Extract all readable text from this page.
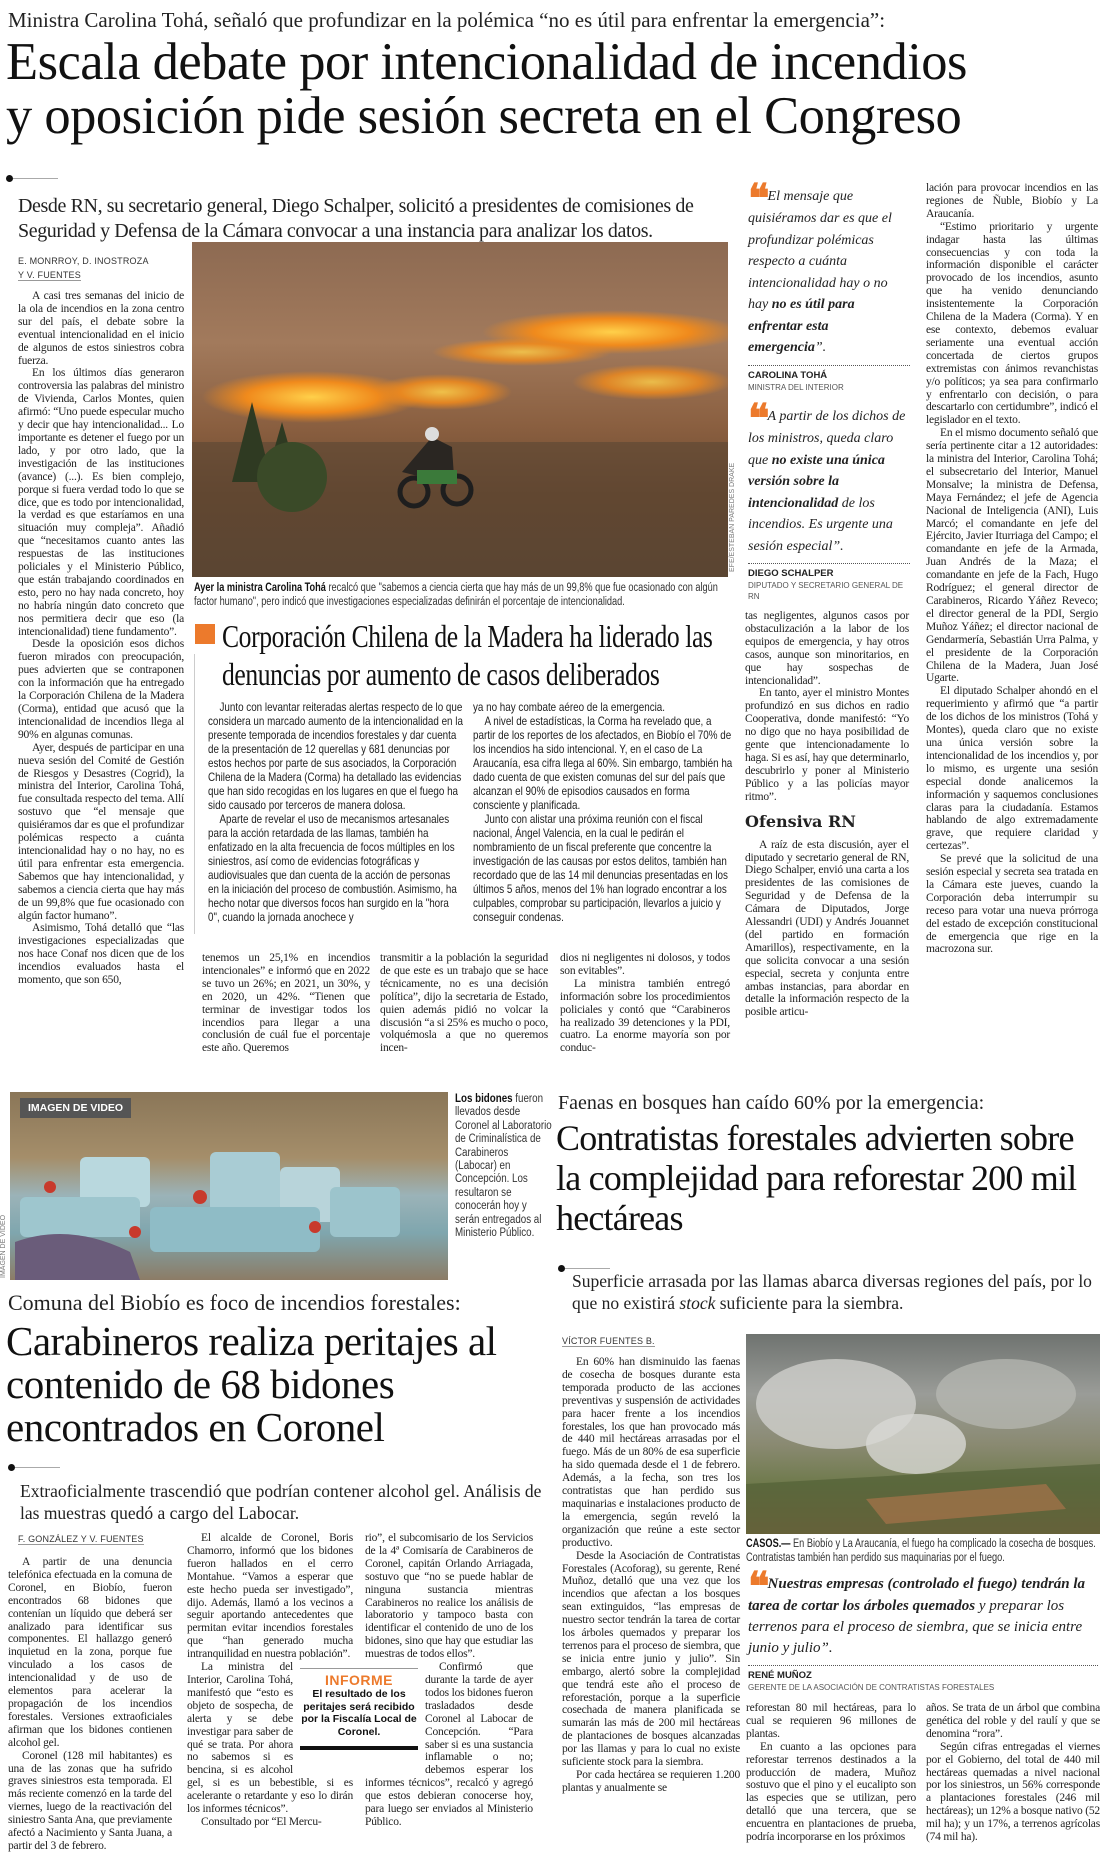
Ministra Carolina Tohá, señaló que profundizar en la polémica “no es útil para enfrentar la emergencia”:
Escala debate por intencionalidad de incendios
y oposición pide sesión secreta en el Congreso
Desde RN, su secretario general, Diego Schalper, solicitó a presidentes de comisiones de Seguridad y Defensa de la Cámara convocar a una instancia para analizar los datos.
E. MONRROY, D. INOSTROZA
Y V. FUENTES

A casi tres semanas del inicio de la ola de incendios en la zona centro sur del país, el debate sobre la eventual intencionalidad en el inicio de algunos de estos siniestros cobra fuerza.

En los últimos días generaron controversia las palabras del ministro de Vivienda, Carlos Montes, quien afirmó: “Uno puede especular mucho y decir que hay intencionalidad... Lo importante es detener el fuego por un lado, y por otro lado, que la investigación de las instituciones (avance) (...). Es bien complejo, porque si fuera verdad todo lo que se dice, que es todo por intencionalidad, la verdad es que estaríamos en una situación muy compleja”. Añadió que “necesitamos cuanto antes las respuestas de las instituciones policiales y el Ministerio Público, que están trabajando coordinados en esto, pero no hay nada concreto, hoy no habría ningún dato concreto que nos permitiera decir que eso (la intencionalidad) tiene fundamento”.

Desde la oposición esos dichos fueron mirados con preocupación, pues advierten que se contraponen con la información que ha entregado la Corporación Chilena de la Madera (Corma), entidad que acusó que la intencionalidad de incendios llega al 90% en algunas comunas.

Ayer, después de participar en una nueva sesión del Comité de Gestión de Riesgos y Desastres (Cogrid), la ministra del Interior, Carolina Tohá, fue consultada respecto del tema. Allí sostuvo que “el mensaje que quisiéramos dar es que el profundizar polémicas respecto a cuánta intencionalidad hay o no hay, no es útil para enfrentar esta emergencia. Sabemos que hay intencionalidad, y sabemos a ciencia cierta que hay más de un 99,8% que fue ocasionado con algún factor humano”.

Asimismo, Tohá detalló que “las investigaciones especializadas que nos hace Conaf nos dicen que de los incendios evaluados hasta el momento, que son 650,

EFE/ESTEBAN PAREDES DRAKE
Ayer la ministra Carolina Tohá recalcó que "sabemos a ciencia cierta que hay más de un 99,8% que fue ocasionado con algún factor humano", pero indicó que investigaciones especializadas definirán el porcentaje de intencionalidad.
Corporación Chilena de la Madera ha liderado las denuncias por aumento de casos deliberados

Junto con levantar reiteradas alertas respecto de lo que considera un marcado aumento de la intencionalidad en la presente temporada de incendios forestales y dar cuenta de la presentación de 12 querellas y 681 denuncias por estos hechos por parte de sus asociados, la Corporación Chilena de la Madera (Corma) ha detallado las evidencias que han sido recogidas en los lugares en que el fuego ha sido causado por terceros de manera dolosa.

Aparte de revelar el uso de mecanismos artesanales para la acción retardada de las llamas, también ha enfatizado en la alta frecuencia de focos múltiples en los siniestros, así como de evidencias fotográficas y audiovisuales que dan cuenta de la acción de personas en la iniciación del proceso de combustión. Asimismo, ha hecho notar que diversos focos han surgido en la "hora 0", cuando la jornada anochece y

ya no hay combate aéreo de la emergencia.

A nivel de estadísticas, la Corma ha revelado que, a partir de los reportes de los afectados, en Biobío el 70% de los incendios ha sido intencional. Y, en el caso de La Araucanía, esa cifra llega al 60%. Sin embargo, también ha dado cuenta de que existen comunas del sur del país que alcanzan el 90% de episodios causados en forma consciente y planificada.

Junto con alistar una próxima reunión con el fiscal nacional, Ángel Valencia, en la cual le pedirán el nombramiento de un fiscal preferente que concentre la investigación de las causas por estos delitos, también han recordado que de las 14 mil denuncias presentadas en los últimos 5 años, menos del 1% han logrado encontrar a los culpables, comprobar su participación, llevarlos a juicio y conseguir condenas.

tenemos un 25,1% en incendios intencionales” e informó que en 2022 se tuvo un 26%; en 2021, un 30%, y en 2020, un 42%. “Tienen que terminar de investigar todos los incendios para llegar a una conclusión de cuál fue el porcentaje este año. Queremos

transmitir a la población la seguridad de que este es un trabajo que se hace técnicamente, no es una decisión política”, dijo la secretaria de Estado, quien además pidió no volcar la discusión “a si 25% es mucho o poco, volquémosla a que no queremos incen-

dios ni negligentes ni dolosos, y todos son evitables”.

La ministra también entregó información sobre los procedimientos policiales y contó que “Carabineros ha realizado 39 detenciones y la PDI, cuatro. La enorme mayoría son por conduc-

❝ El mensaje que quisiéramos dar es que el profundizar polémicas respecto a cuánta intencionalidad hay o no hay no es útil para enfrentar esta emergencia”.
CAROLINA TOHÁ
MINISTRA DEL INTERIOR
❝ A partir de los dichos de los ministros, queda claro que no existe una única versión sobre la intencionalidad de los incendios. Es urgente una sesión especial”.
DIEGO SCHALPER
DIPUTADO Y SECRETARIO GENERAL DE RN

tas negligentes, algunos casos por obstaculización a la labor de los equipos de emergencia, y hay otros casos, aunque son minoritarios, en que hay sospechas de intencionalidad”.

En tanto, ayer el ministro Montes profundizó en sus dichos en radio Cooperativa, donde manifestó: “Yo no digo que no haya posibilidad de gente que intencionadamente lo haga. Si es así, hay que determinarlo, descubrirlo y poner al Ministerio Público y a las policías mayor ritmo”.

Ofensiva RN

A raíz de esta discusión, ayer el diputado y secretario general de RN, Diego Schalper, envió una carta a los presidentes de las comisiones de Seguridad y de Defensa de la Cámara de Diputados, Jorge Alessandri (UDI) y Andrés Jouannet (del partido en formación Amarillos), respectivamente, en la que solicita convocar a una sesión especial, secreta y conjunta entre ambas instancias, para abordar en detalle la información respecto de la posible articu-

lación para provocar incendios en las regiones de Ñuble, Biobío y La Araucanía.

“Estimo prioritario y urgente indagar hasta las últimas consecuencias y con toda la información disponible el carácter provocado de los incendios, asunto que ha venido denunciando insistentemente la Corporación Chilena de la Madera (Corma). Y en ese contexto, debemos evaluar seriamente una eventual acción concertada de ciertos grupos extremistas con ánimos revanchistas y/o políticos; ya sea para confirmarlo y enfrentarlo con decisión, o para descartarlo con certidumbre”, indicó el legislador en el texto.

En el mismo documento señaló que sería pertinente citar a 12 autoridades: la ministra del Interior, Carolina Tohá; el subsecretario del Interior, Manuel Monsalve; la ministra de Defensa, Maya Fernández; el jefe de Agencia Nacional de Inteligencia (ANI), Luis Marcó; el comandante en jefe del Ejército, Javier Iturriaga del Campo; el comandante en jefe de la Armada, Juan Andrés de la Maza; el comandante en jefe de la Fach, Hugo Rodríguez; el general director de Carabineros, Ricardo Yáñez Reveco; el director general de la PDI, Sergio Muñoz Yáñez; el director nacional de Gendarmería, Sebastián Urra Palma, y el presidente de la Corporación Chilena de la Madera, Juan José Ugarte.

El diputado Schalper ahondó en el requerimiento y afirmó que “a partir de los dichos de los ministros (Tohá y Montes), queda claro que no existe una única versión sobre la intencionalidad de los incendios y, por lo mismo, es urgente una sesión especial donde analicemos la información y saquemos conclusiones claras para la ciudadanía. Estamos hablando de algo extremadamente grave, que requiere claridad y certezas”.

Se prevé que la solicitud de una sesión especial y secreta sea tratada en la Cámara este jueves, cuando la Corporación deba interrumpir su receso para votar una nueva prórroga del estado de excepción constitucional de emergencia que rige en la macrozona sur.

IMAGEN DE VIDEO
IMAGEN DE VIDEO
Los bidones fueron llevados desde Coronel al Laboratorio de Criminalística de Carabineros (Labocar) en Concepción. Los resultaron se conocerán hoy y serán entregados al Ministerio Público.
Comuna del Biobío es foco de incendios forestales:
Carabineros realiza peritajes al contenido de 68 bidones encontrados en Coronel
Extraoficialmente trascendió que podrían contener alcohol gel. Análisis de las muestras quedó a cargo del Labocar.
F. GONZÁLEZ Y V. FUENTES

A partir de una denuncia telefónica efectuada en la comuna de Coronel, en Biobío, fueron encontrados 68 bidones que contenían un líquido que deberá ser analizado para identificar sus componentes. El hallazgo generó inquietud en la zona, porque fue vinculado a los casos de intencionalidad y de uso de elementos para acelerar la propagación de los incendios forestales. Versiones extraoficiales afirman que los bidones contienen alcohol gel.

Coronel (128 mil habitantes) es una de las zonas que ha sufrido graves siniestros esta temporada. El más reciente comenzó en la tarde del viernes, luego de la reactivación del siniestro Santa Ana, que previamente afectó a Nacimiento y Santa Juana, a partir del 3 de febrero.

El alcalde de Coronel, Boris Chamorro, informó que los bidones fueron hallados en el cerro Montahue. “Vamos a esperar que este hecho pueda ser investigado”, dijo. Además, llamó a los vecinos a seguir aportando antecedentes que permitan evitar incendios forestales que “han generado mucha intranquilidad en nuestra población”.

La ministra del Interior, Carolina Tohá, manifestó que “esto es objeto de sospecha, de alerta y se debe investigar para saber de qué se trata. Por ahora no sabemos si es bencina, si es alcohol gel, si es un bebestible, si es acelerante o retardante y eso lo dirán los informes técnicos”.

Consultado por “El Mercu-

rio”, el subcomisario de los Servicios de la 4ª Comisaría de Carabineros de Coronel, capitán Orlando Arriagada, sostuvo que “no se puede hablar de ninguna sustancia mientras Carabineros no realice los análisis de laboratorio y tampoco basta con identificar el contenido de uno de los bidones, sino que hay que estudiar las muestras de todos ellos”.

Confirmó que durante la tarde de ayer todos los bidones fueron trasladados desde Coronel al Labocar de Concepción. “Para saber si es una sustancia inflamable o no; debemos esperar los informes técnicos”, recalcó y agregó que estos debieran conocerse hoy, para luego ser enviados al Ministerio Público.

INFORME
El resultado de los peritajes será recibido por la Fiscalía Local de Coronel.
Faenas en bosques han caído 60% por la emergencia:
Contratistas forestales advierten sobre la complejidad para reforestar 200 mil hectáreas
Superficie arrasada por las llamas abarca diversas regiones del país, por lo que no existirá stock suficiente para la siembra.
VÍCTOR FUENTES B.

En 60% han disminuido las faenas de cosecha de bosques durante esta temporada producto de las acciones preventivas y suspensión de actividades para hacer frente a los incendios forestales, los que han provocado más de 440 mil hectáreas arrasadas por el fuego. Más de un 80% de esa superficie ha sido quemada desde el 1 de febrero. Además, a la fecha, son tres los contratistas que han perdido sus maquinarias e instalaciones producto de la emergencia, según reveló la organización que reúne a este sector productivo.

Desde la Asociación de Contratistas Forestales (Acoforag), su gerente, René Muñoz, detalló que una vez que los incendios que afectan a los bosques sean extinguidos, “las empresas de nuestro sector tendrán la tarea de cortar los árboles quemados y preparar los terrenos para el proceso de siembra, que se inicia entre junio y julio”. Sin embargo, alertó sobre la complejidad que tendrá este año el proceso de reforestación, porque a la superficie cosechada de manera planificada se sumarán las más de 200 mil hectáreas de plantaciones de bosques alcanzadas por las llamas y para lo cual no existe suficiente stock para la siembra.

Por cada hectárea se requieren 1.200 plantas y anualmente se

CASOS.— En Biobío y La Araucanía, el fuego ha complicado la cosecha de bosques. Contratistas también han perdido sus maquinarias por el fuego.
❝ Nuestras empresas (controlado el fuego) tendrán la tarea de cortar los árboles quemados y preparar los terrenos para el proceso de siembra, que se inicia entre junio y julio”.
RENÉ MUÑOZ
GERENTE DE LA ASOCIACIÓN DE CONTRATISTAS FORESTALES

reforestan 80 mil hectáreas, para lo cual se requieren 96 millones de plantas.

En cuanto a las opciones para reforestar terrenos destinados a la producción de madera, Muñoz sostuvo que el pino y el eucalipto son las especies que se utilizan, pero detalló que una tercera, que se encuentra en plantaciones de prueba, podría incorporarse en los próximos

años. Se trata de un árbol que combina genética del roble y del raulí y que se denomina “rora”.

Según cifras entregadas el viernes por el Gobierno, del total de 440 mil hectáreas quemadas a nivel nacional por los siniestros, un 56% corresponde a plantaciones forestales (246 mil hectáreas); un 12% a bosque nativo (52 mil ha); y un 17%, a terrenos agrícolas (74 mil ha).
